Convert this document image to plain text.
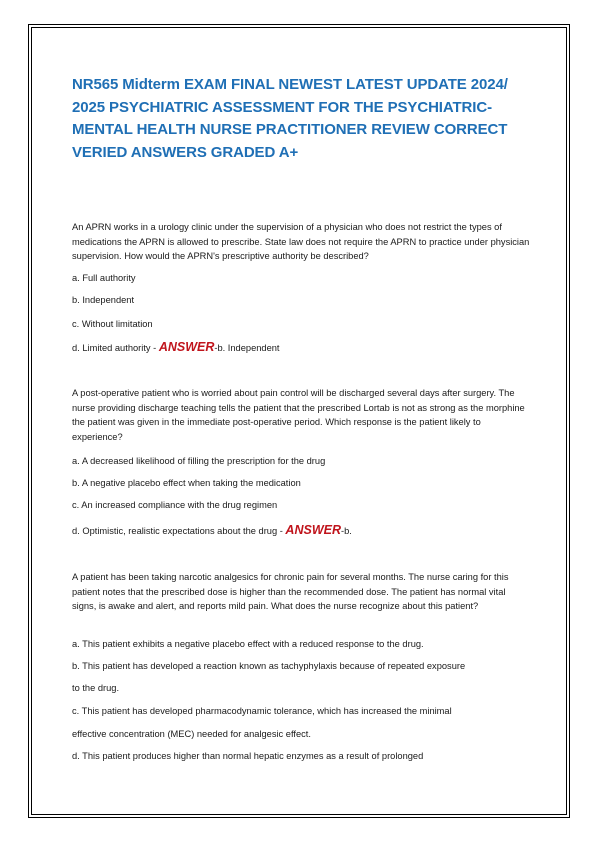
NR565 Midterm EXAM FINAL NEWEST LATEST UPDATE 2024/ 2025 PSYCHIATRIC ASSESSMENT FOR THE PSYCHIATRIC-MENTAL HEALTH NURSE PRACTITIONER REVIEW CORRECT VERIED ANSWERS GRADED A+

An APRN works in a urology clinic under the supervision of a physician who does not restrict the types of medications the APRN is allowed to prescribe. State law does not require the APRN to practice under physician supervision. How would the APRN's prescriptive authority be described?

a. Full authority

b. Independent

c. Without limitation

d. Limited authority - ANSWER-b. Independent

A post-operative patient who is worried about pain control will be discharged several days after surgery. The nurse providing discharge teaching tells the patient that the prescribed Lortab is not as strong as the morphine the patient was given in the immediate post-operative period. Which response is the patient likely to experience?

a. A decreased likelihood of filling the prescription for the drug

b. A negative placebo effect when taking the medication

c. An increased compliance with the drug regimen

d. Optimistic, realistic expectations about the drug - ANSWER-b.

A patient has been taking narcotic analgesics for chronic pain for several months. The nurse caring for this patient notes that the prescribed dose is higher than the recommended dose. The patient has normal vital signs, is awake and alert, and reports mild pain. What does the nurse recognize about this patient?

a. This patient exhibits a negative placebo effect with a reduced response to the drug.

b. This patient has developed a reaction known as tachyphylaxis because of repeated exposure

to the drug.

c. This patient has developed pharmacodynamic tolerance, which has increased the minimal

effective concentration (MEC) needed for analgesic effect.

d. This patient produces higher than normal hepatic enzymes as a result of prolonged
